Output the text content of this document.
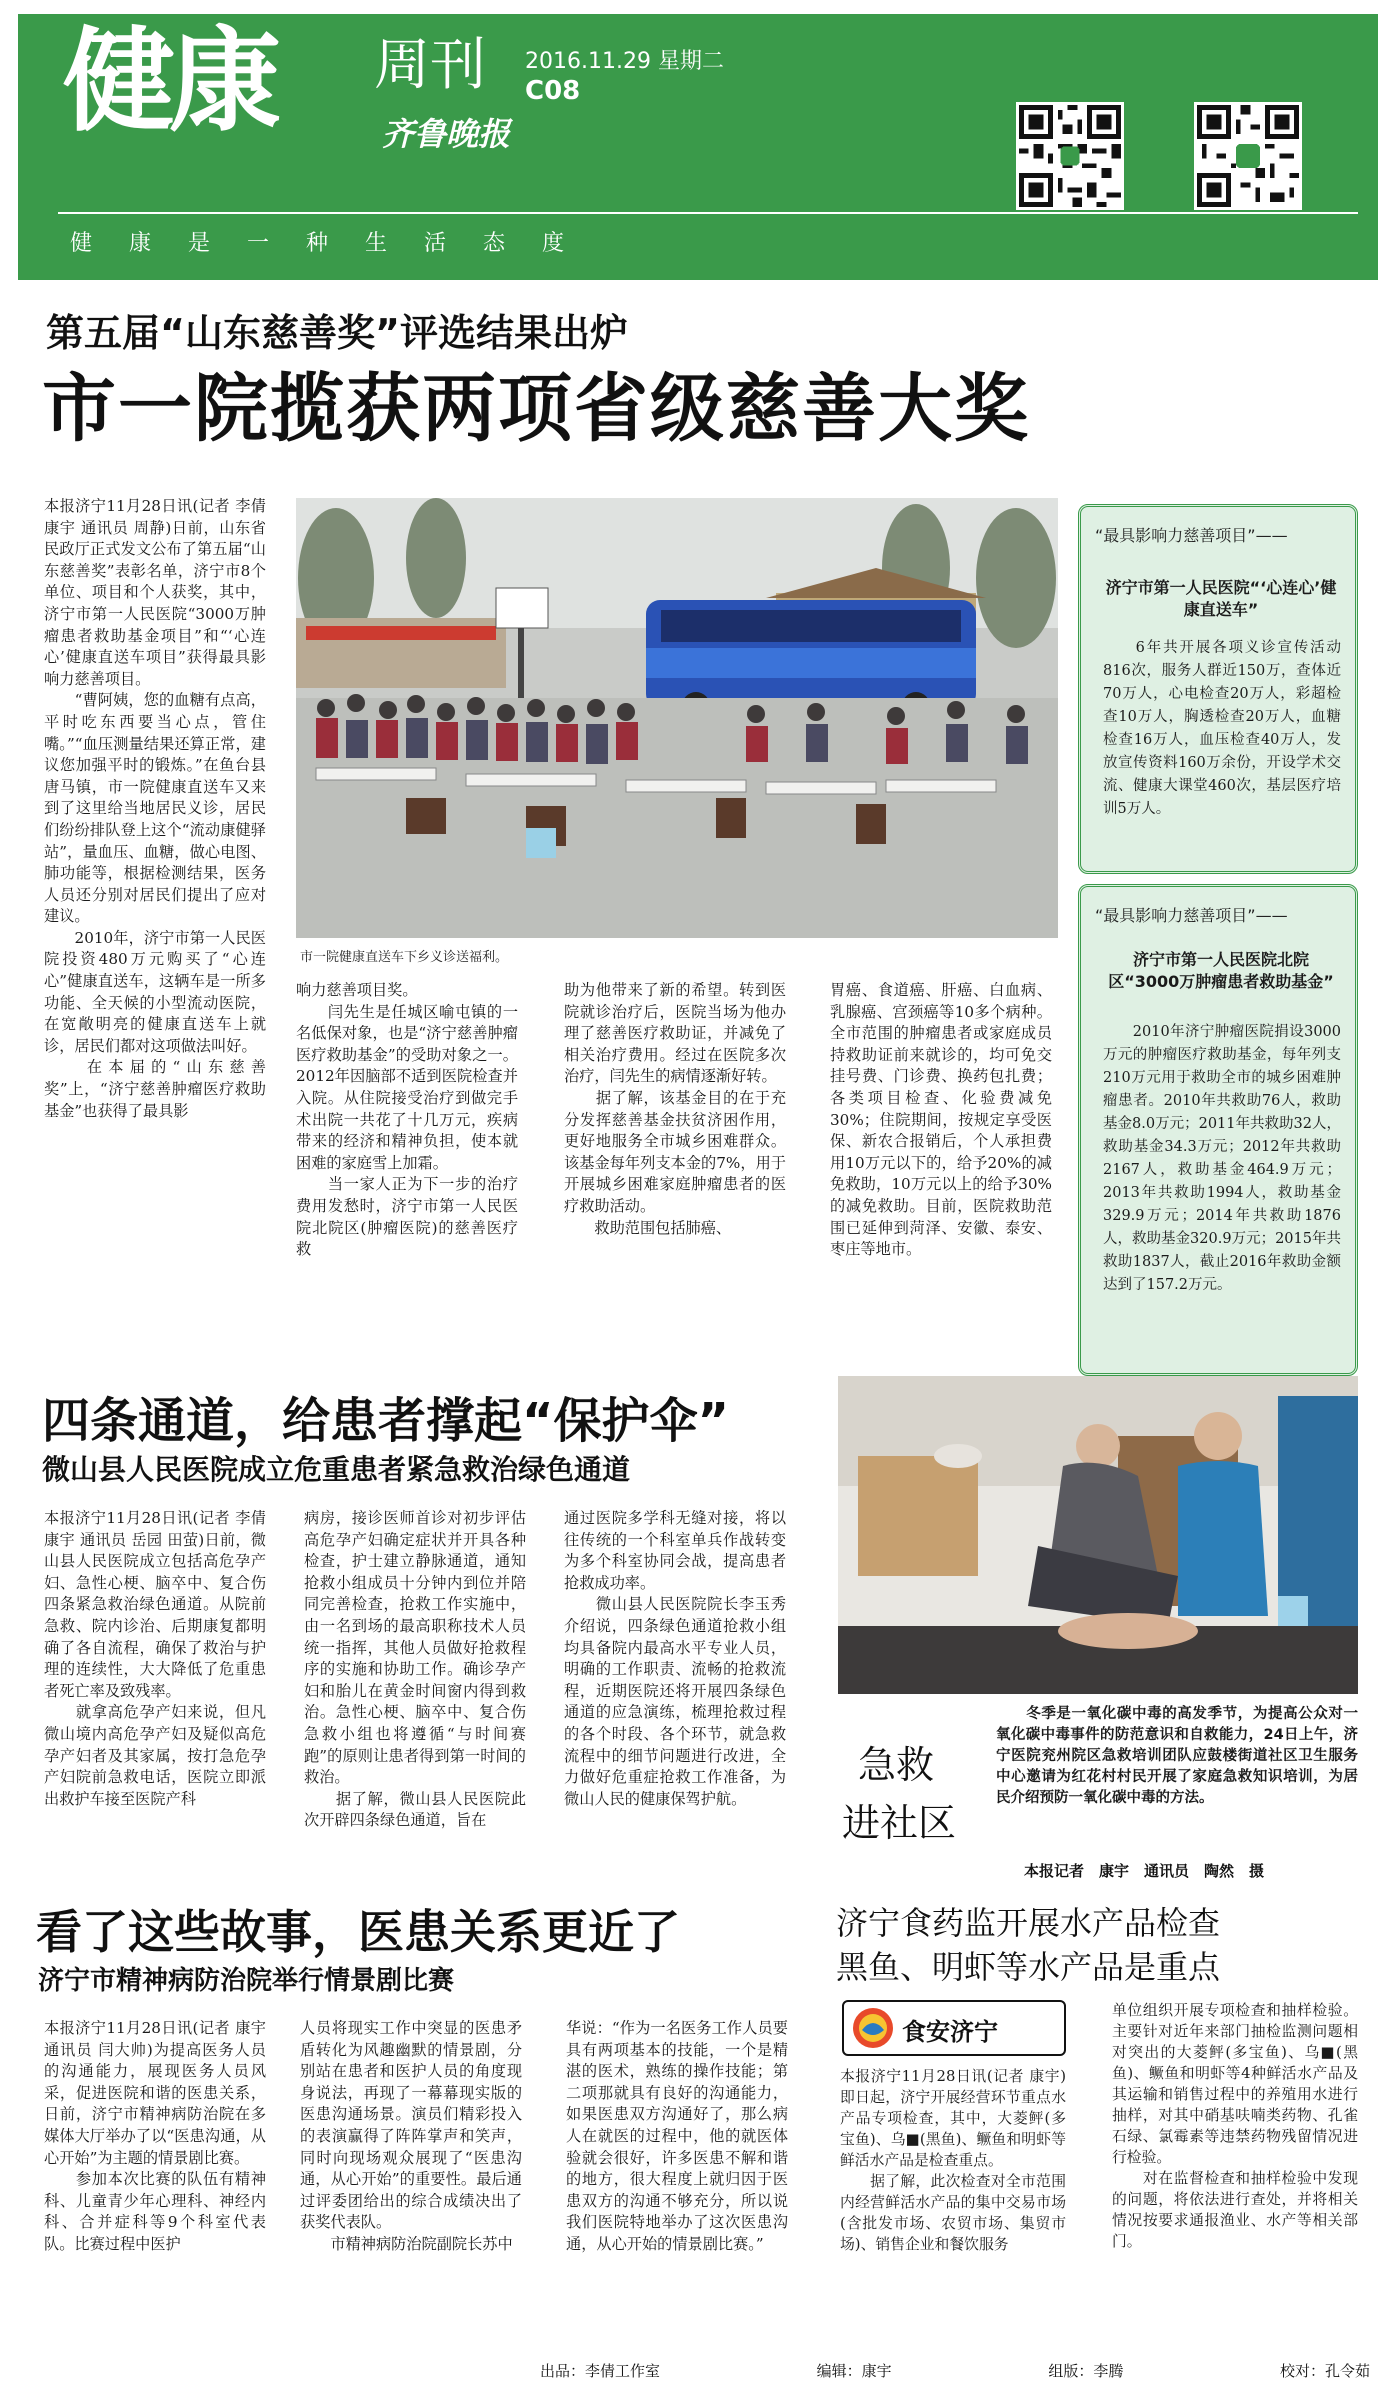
健康 周刊
齐鲁晚报
2016.11.29 星期二
C08
健康是一种生活态度
第五届“山东慈善奖”评选结果出炉
市一院揽获两项省级慈善大奖
本报济宁11月28日讯(记者 李倩 康宇 通讯员 周静)日前，山东省民政厅正式发文公布了第五届“山东慈善奖”表彰名单，济宁市8个单位、项目和个人获奖，其中，济宁市第一人民医院“3000万肿瘤患者救助基金项目”和“‘心连心’健康直送车项目”获得最具影响力慈善项目。
　　“曹阿姨，您的血糖有点高，平时吃东西要当心点，管住嘴。”“血压测量结果还算正常，建议您加强平时的锻炼。”在鱼台县唐马镇，市一院健康直送车又来到了这里给当地居民义诊，居民们纷纷排队登上这个“流动康健驿站”，量血压、血糖，做心电图、肺功能等，根据检测结果，医务人员还分别对居民们提出了应对建议。
　　2010年，济宁市第一人民医院投资480万元购买了“心连心”健康直送车，这辆车是一所多功能、全天候的小型流动医院，在宽敞明亮的健康直送车上就诊，居民们都对这项做法叫好。
　　在本届的“山东慈善奖”上，“济宁慈善肿瘤医疗救助基金”也获得了最具影
市一院健康直送车下乡义诊送福利。
响力慈善项目奖。
　　闫先生是任城区喻屯镇的一名低保对象，也是“济宁慈善肿瘤医疗救助基金”的受助对象之一。2012年因脑部不适到医院检查并入院。从住院接受治疗到做完手术出院一共花了十几万元，疾病带来的经济和精神负担，使本就困难的家庭雪上加霜。
　　当一家人正为下一步的治疗费用发愁时，济宁市第一人民医院北院区(肿瘤医院)的慈善医疗救
助为他带来了新的希望。转到医院就诊治疗后，医院当场为他办理了慈善医疗救助证，并减免了相关治疗费用。经过在医院多次治疗，闫先生的病情逐渐好转。
　　据了解，该基金目的在于充分发挥慈善基金扶贫济困作用，更好地服务全市城乡困难群众。该基金每年列支本金的7%，用于开展城乡困难家庭肿瘤患者的医疗救助活动。
　　救助范围包括肺癌、
胃癌、食道癌、肝癌、白血病、乳腺癌、宫颈癌等10多个病种。全市范围的肿瘤患者或家庭成员持救助证前来就诊的，均可免交挂号费、门诊费、换药包扎费；各类项目检查、化验费减免30%；住院期间，按规定享受医保、新农合报销后，个人承担费用10万元以下的，给予20%的减免救助，10万元以上的给予30%的减免救助。目前，医院救助范围已延伸到菏泽、安徽、泰安、枣庄等地市。
“最具影响力慈善项目”——
济宁市第一人民医院“‘心连心’健康直送车”
　　6年共开展各项义诊宣传活动816次，服务人群近150万，查体近70万人，心电检查20万人，彩超检查10万人，胸透检查20万人，血糖检查16万人，血压检查40万人，发放宣传资料160万余份，开设学术交流、健康大课堂460次，基层医疗培训5万人。
“最具影响力慈善项目”——
济宁市第一人民医院北院区“3000万肿瘤患者救助基金”
　　2010年济宁肿瘤医院捐设3000万元的肿瘤医疗救助基金，每年列支210万元用于救助全市的城乡困难肿瘤患者。2010年共救助76人，救助基金8.0万元；2011年共救助32人，救助基金34.3万元；2012年共救助2167人，救助基金464.9万元；2013年共救助1994人，救助基金329.9万元；2014年共救助1876人，救助基金320.9万元；2015年共救助1837人，截止2016年救助金额达到了157.2万元。
四条通道，给患者撑起“保护伞”
微山县人民医院成立危重患者紧急救治绿色通道
本报济宁11月28日讯(记者 李倩 康宇 通讯员 岳园 田萤)日前，微山县人民医院成立包括高危孕产妇、急性心梗、脑卒中、复合伤四条紧急救治绿色通道。从院前急救、院内诊治、后期康复都明确了各自流程，确保了救治与护理的连续性，大大降低了危重患者死亡率及致残率。
　　就拿高危孕产妇来说，但凡微山境内高危孕产妇及疑似高危孕产妇者及其家属，按打急危孕产妇院前急救电话，医院立即派出救护车接至医院产科
病房，接诊医师首诊对初步评估高危孕产妇确定症状并开具各种检查，护士建立静脉通道，通知抢救小组成员十分钟内到位并陪同完善检查，抢救工作实施中，由一名到场的最高职称技术人员统一指挥，其他人员做好抢救程序的实施和协助工作。确诊孕产妇和胎儿在黄金时间窗内得到救治。急性心梗、脑卒中、复合伤急救小组也将遵循“与时间赛跑”的原则让患者得到第一时间的救治。
　　据了解，微山县人民医院此次开辟四条绿色通道，旨在
通过医院多学科无缝对接，将以往传统的一个科室单兵作战转变为多个科室协同会战，提高患者抢救成功率。
　　微山县人民医院院长李玉秀介绍说，四条绿色通道抢救小组均具备院内最高水平专业人员，明确的工作职责、流畅的抢救流程，近期医院还将开展四条绿色通道的应急演练，梳理抢救过程的各个时段、各个环节，就急救流程中的细节问题进行改进，全力做好危重症抢救工作准备，为微山人民的健康保驾护航。
急救
进社区
　　冬季是一氧化碳中毒的高发季节，为提高公众对一氧化碳中毒事件的防范意识和自救能力，24日上午，济宁医院兖州院区急救培训团队应鼓楼街道社区卫生服务中心邀请为红花村村民开展了家庭急救知识培训，为居民介绍预防一氧化碳中毒的方法。
本报记者　康宇　通讯员　陶然　摄
看了这些故事，医患关系更近了
济宁市精神病防治院举行情景剧比赛
本报济宁11月28日讯(记者 康宇 通讯员 闫大帅)为提高医务人员的沟通能力，展现医务人员风采，促进医院和谐的医患关系，日前，济宁市精神病防治院在多媒体大厅举办了以“医患沟通，从心开始”为主题的情景剧比赛。
　　参加本次比赛的队伍有精神科、儿童青少年心理科、神经内科、合并症科等9个科室代表队。比赛过程中医护
人员将现实工作中突显的医患矛盾转化为风趣幽默的情景剧，分别站在患者和医护人员的角度现身说法，再现了一幕幕现实版的医患沟通场景。演员们精彩投入的表演赢得了阵阵掌声和笑声，同时向现场观众展现了“医患沟通，从心开始”的重要性。最后通过评委团给出的综合成绩决出了获奖代表队。
　　市精神病防治院副院长苏中
华说：“作为一名医务工作人员要具有两项基本的技能，一个是精湛的医术，熟练的操作技能；第二项那就具有良好的沟通能力，如果医患双方沟通好了，那么病人在就医的过程中，他的就医体验就会很好，许多医患不解和谐的地方，很大程度上就归因于医患双方的沟通不够充分，所以说我们医院特地举办了这次医患沟通，从心开始的情景剧比赛。”
济宁食药监开展水产品检查
黑鱼、明虾等水产品是重点
食安济宁
本报济宁11月28日讯(记者 康宇)即日起，济宁开展经营环节重点水产品专项检查，其中，大菱鲆(多宝鱼)、乌■(黑鱼)、鳜鱼和明虾等鲜活水产品是检查重点。
　　据了解，此次检查对全市范围内经营鲜活水产品的集中交易市场(含批发市场、农贸市场、集贸市场)、销售企业和餐饮服务
单位组织开展专项检查和抽样检验。主要针对近年来部门抽检监测问题相对突出的大菱鲆(多宝鱼)、乌■(黑鱼)、鳜鱼和明虾等4种鲜活水产品及其运输和销售过程中的养殖用水进行抽样，对其中硝基呋喃类药物、孔雀石绿、氯霉素等违禁药物残留情况进行检验。
　　对在监督检查和抽样检验中发现的问题，将依法进行查处，并将相关情况按要求通报渔业、水产等相关部门。
出品：李倩工作室	编辑：康宇	组版：李腾	校对：孔令茹
